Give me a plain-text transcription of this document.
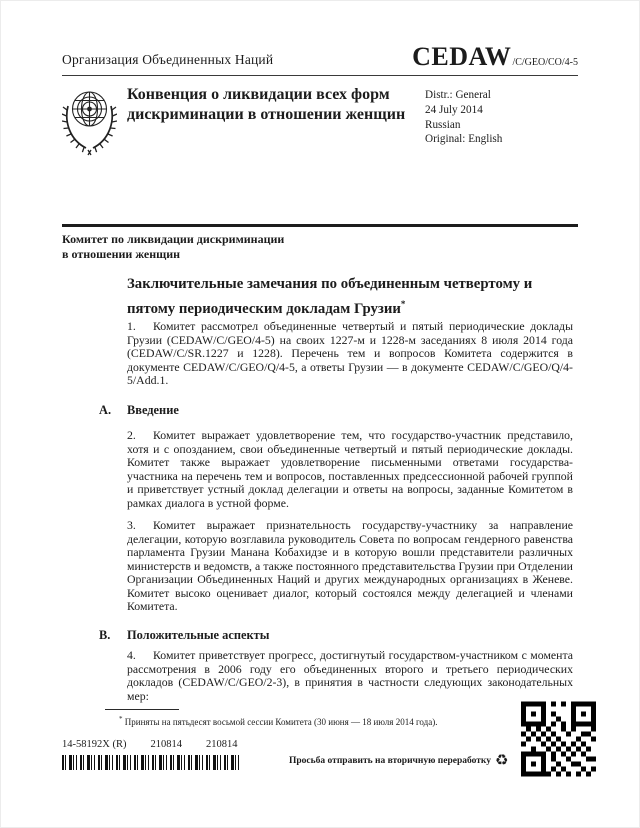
Организация Объединенных Наций	CEDAW /C/GEO/CO/4-5
Конвенция о ликвидации всех форм дискриминации в отношении женщин
Distr.: General
24 July 2014
Russian
Original: English
Комитет по ликвидации дискриминации
в отношении женщин
Заключительные замечания по объединенным четвертому и пятому периодическим докладам Грузии*

1. Комитет рассмотрел объединенные четвертый и пятый периодические доклады Грузии (CEDAW/C/GEO/4-5) на своих 1227-м и 1228-м заседаниях 8 июля 2014 года (CEDAW/C/SR.1227 и 1228). Перечень тем и вопросов Комитета содержится в документе CEDAW/C/GEO/Q/4-5, а ответы Грузии — в документе CEDAW/C/GEO/Q/4-5/Add.1.

A. Введение

2. Комитет выражает удовлетворение тем, что государство-участник представило, хотя и с опозданием, свои объединенные четвертый и пятый периодические доклады. Комитет также выражает удовлетворение письменными ответами государства-участника на перечень тем и вопросов, поставленных предсессионной рабочей группой и приветствует устный доклад делегации и ответы на вопросы, заданные Комитетом в рамках диалога в устной форме.

3. Комитет выражает признательность государству-участнику за направление делегации, которую возглавила руководитель Совета по вопросам гендерного равенства парламента Грузии Манана Кобахидзе и в которую вошли представители различных министерств и ведомств, а также постоянного представительства Грузии при Отделении Организации Объединенных Наций и других международных организациях в Женеве. Комитет высоко оценивает диалог, который состоялся между делегацией и членами Комитета.

B. Положительные аспекты

4. Комитет приветствует прогресс, достигнутый государством-участником с момента рассмотрения в 2006 году его объединенных второго и третьего периодических докладов (CEDAW/C/GEO/2-3), в принятия в частности следующих законодательных мер:

* Приняты на пятьдесят восьмой сессии Комитета (30 июня — 18 июля 2014 года).
14-58192X (R) 210814 210814
Просьба отправить на вторичную переработку ♻
